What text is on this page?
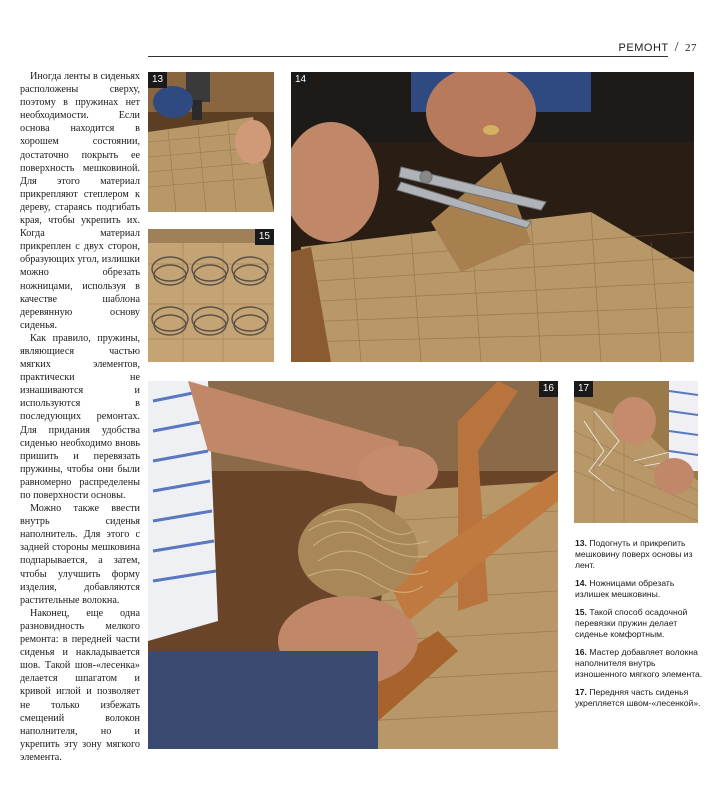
РЕМОНТ / 27

Иногда ленты в сиденьях расположены сверху, поэтому в пружинах нет необходимости. Если основа находится в хорошем состоянии, достаточно покрыть ее поверхность мешковиной. Для этого материал прикрепляют степлером к дереву, стараясь подгибать края, чтобы укрепить их. Когда материал прикреплен с двух сторон, образующих угол, излишки можно обрезать ножницами, используя в качестве шаблона деревянную основу сиденья.

Как правило, пружины, являющиеся частью мягких элементов, практически не изнашиваются и используются в последующих ремонтах. Для придания удобства сиденью необходимо вновь пришить и перевязать пружины, чтобы они были равномерно распределены по поверхности основы.

Можно также ввести внутрь сиденья наполнитель. Для этого с задней стороны мешковина подпарывается, а затем, чтобы улучшить форму изделия, добавляются растительные волокна.

Наконец, еще одна разновидность мелкого ремонта: в передней части сиденья и накладывается шов. Такой шов-«лесенка» делается шпагатом и кривой иглой и позволяет не только избежать смещений волокон наполнителя, но и укрепить эту зону мягкого элемента.

13	14
15
16	17

13. Подогнуть и прикрепить мешковину поверх основы из лент.

14. Ножницами обрезать излишек мешковины.

15. Такой способ осадочной перевязки пружин делает сиденье комфортным.

16. Мастер добавляет волокна наполнителя внутрь изношенного мягкого элемента.

17. Передняя часть сиденья укрепляется швом-«лесенкой».
